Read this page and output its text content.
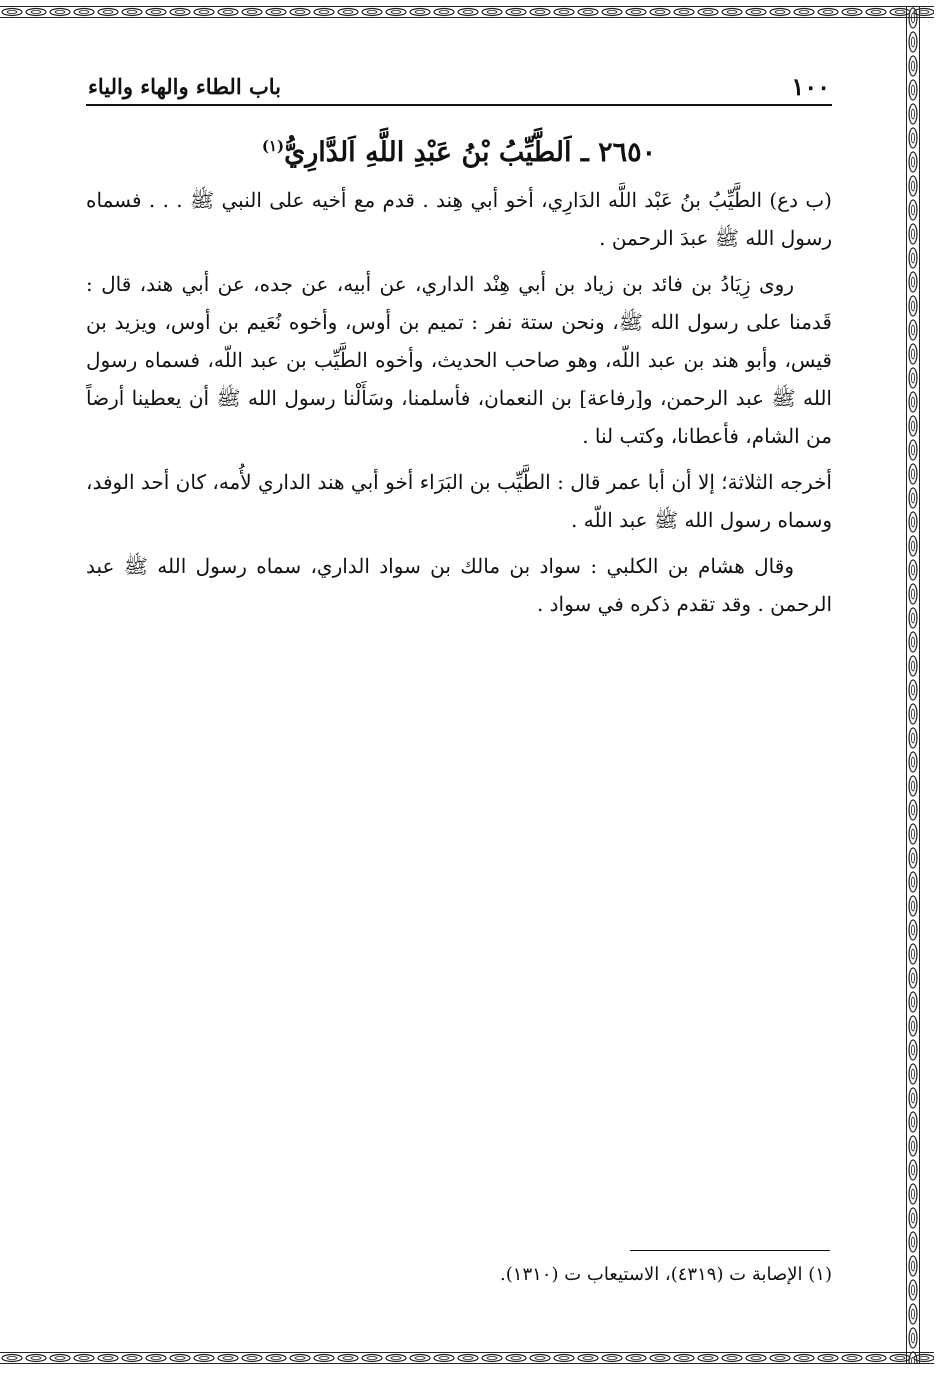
١٠٠
باب الطاء والهاء والياء
٢٦٥٠ ـ اَلطَّيِّبُ بْنُ عَبْدِ اللَّهِ اَلدَّارِيُّ$^{(١)}$

(ب دع) الطَّيِّبُ بنُ عَبْد اللَّه الدَارِي، أخو أبي هِند . قدم مع أخيه على النبي ﷺ . . . فسماه رسول الله ﷺ عبدَ الرحمن .

روى زِيَادُ بن فائد بن زياد بن أبي هِنْد الداري، عن أبيه، عن جده، عن أبي هند، قال : قَدمنا على رسول الله ﷺ، ونحن ستة نفر : تميم بن أوس، وأخوه نُعَيم بن أوس، ويزيد بن قيس، وأبو هند بن عبد اللّه، وهو صاحب الحديث، وأخوه الطَّيِّب بن عبد اللّه، فسماه رسول الله ﷺ عبد الرحمن، و[رفاعة] بن النعمان، فأسلمنا، وسَأَلْنا رسول الله ﷺ أن يعطينا أرضاً من الشام، فأعطانا، وكتب لنا .

أخرجه الثلاثة؛ إلا أن أبا عمر قال : الطَّيِّب بن البَرَاء أخو أبي هند الداري لأُمه، كان أحد الوفد، وسماه رسول الله ﷺ عبد اللّه .

وقال هشام بن الكلبي : سواد بن مالك بن سواد الداري، سماه رسول الله ﷺ عبد الرحمن . وقد تقدم ذكره في سواد .

(١) الإصابة ت (٤٣١٩)، الاستيعاب ت (١٣١٠).
